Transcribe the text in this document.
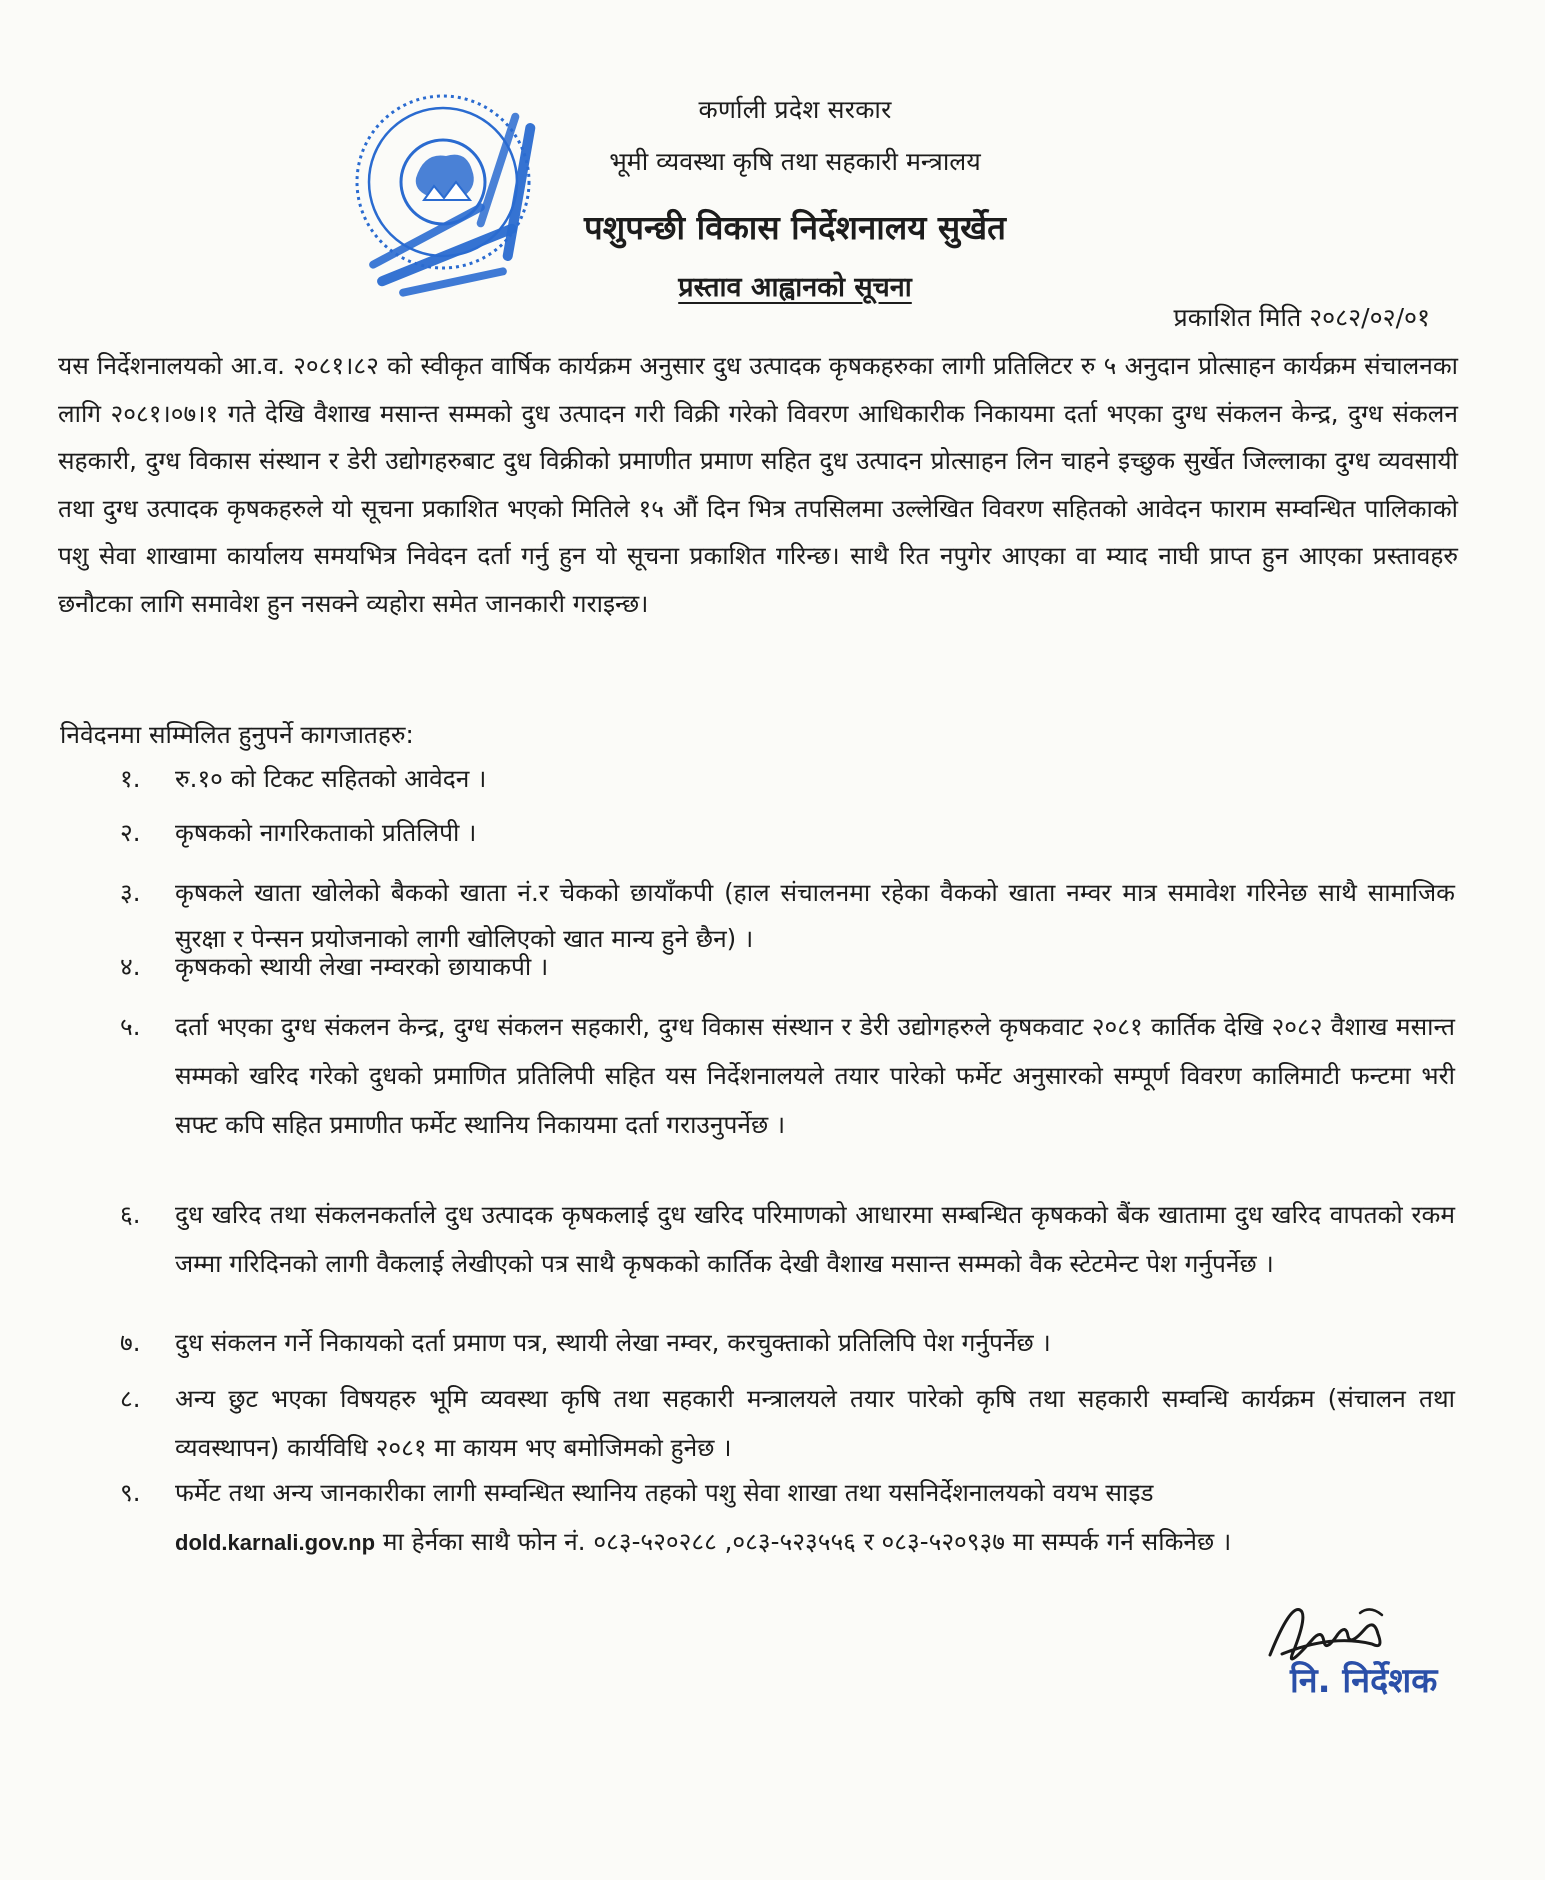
कर्णाली प्रदेश सरकार

भूमी व्यवस्था कृषि तथा सहकारी मन्त्रालय

पशुपन्छी विकास निर्देशनालय सुर्खेत

प्रस्ताव आह्वानको सूचना

प्रकाशित मिति २०८२/०२/०१

यस निर्देशनालयको आ.व. २०८१।८२ को स्वीकृत वार्षिक कार्यक्रम अनुसार दुध उत्पादक कृषकहरुका लागी प्रतिलिटर रु ५ अनुदान प्रोत्साहन कार्यक्रम संचालनका लागि २०८१।०७।१ गते देखि वैशाख मसान्त सम्मको दुध उत्पादन गरी विक्री गरेको विवरण आधिकारीक निकायमा दर्ता भएका दुग्ध संकलन केन्द्र, दुग्ध संकलन सहकारी, दुग्ध विकास संस्थान र डेरी उद्योगहरुबाट दुध विक्रीको प्रमाणीत प्रमाण सहित दुध उत्पादन प्रोत्साहन लिन चाहने इच्छुक सुर्खेत जिल्लाका दुग्ध व्यवसायी तथा दुग्ध उत्पादक कृषकहरुले यो सूचना प्रकाशित भएको मितिले १५ औं दिन भित्र तपसिलमा उल्लेखित विवरण सहितको आवेदन फाराम सम्वन्धित पालिकाको पशु सेवा शाखामा कार्यालय समयभित्र निवेदन दर्ता गर्नु हुन यो सूचना प्रकाशित गरिन्छ। साथै रित नपुगेर आएका वा म्याद नाघी प्राप्त हुन आएका प्रस्तावहरु छनौटका लागि समावेश हुन नसक्ने व्यहोरा समेत जानकारी गराइन्छ।

निवेदनमा सम्मिलित हुनुपर्ने कागजातहरु:

१.	रु.१० को टिकट सहितको आवेदन ।
२.	कृषकको नागरिकताको प्रतिलिपी ।
३.	कृषकले खाता खोलेको बैकको खाता नं.र चेकको छायाँकपी (हाल संचालनमा रहेका वैकको खाता नम्वर मात्र समावेश गरिनेछ साथै सामाजिक सुरक्षा र पेन्सन प्रयोजनाको लागी खोलिएको खात मान्य हुने छैन) ।
४.	कृषकको स्थायी लेखा नम्वरको छायाकपी ।
५.	दर्ता भएका दुग्ध संकलन केन्द्र, दुग्ध संकलन सहकारी, दुग्ध विकास संस्थान र डेरी उद्योगहरुले कृषकवाट २०८१ कार्तिक देखि २०८२ वैशाख मसान्त सम्मको खरिद गरेको दुधको प्रमाणित प्रतिलिपी सहित यस निर्देशनालयले तयार पारेको फर्मेट अनुसारको सम्पूर्ण विवरण कालिमाटी फन्टमा भरी सफ्ट कपि सहित प्रमाणीत फर्मेट स्थानिय निकायमा दर्ता गराउनुपर्नेछ ।
६.	दुध खरिद तथा संकलनकर्ताले दुध उत्पादक कृषकलाई दुध खरिद परिमाणको आधारमा सम्बन्धित कृषकको बैंक खातामा दुध खरिद वापतको रकम जम्मा गरिदिनको लागी वैकलाई लेखीएको पत्र साथै कृषकको कार्तिक देखी वैशाख मसान्त सम्मको वैक स्टेटमेन्ट पेश गर्नुपर्नेछ ।
७.	दुध संकलन गर्ने निकायको दर्ता प्रमाण पत्र, स्थायी लेखा नम्वर, करचुक्ताको प्रतिलिपि पेश गर्नुपर्नेछ ।
८.	अन्य छुट भएका विषयहरु भूमि व्यवस्था कृषि तथा सहकारी मन्त्रालयले तयार पारेको कृषि तथा सहकारी सम्वन्धि कार्यक्रम (संचालन तथा व्यवस्थापन) कार्यविधि २०८१ मा कायम भए बमोजिमको हुनेछ ।
९.	फर्मेट तथा अन्य जानकारीका लागी सम्वन्धित स्थानिय तहको पशु सेवा शाखा तथा यसनिर्देशनालयको वयभ साइड
dold.karnali.gov.np मा हेर्नका साथै फोन नं. ०८३-५२०२८८ ,०८३-५२३५५६ र ०८३-५२०९३७ मा सम्पर्क गर्न सकिनेछ ।
नि. निर्देशक
